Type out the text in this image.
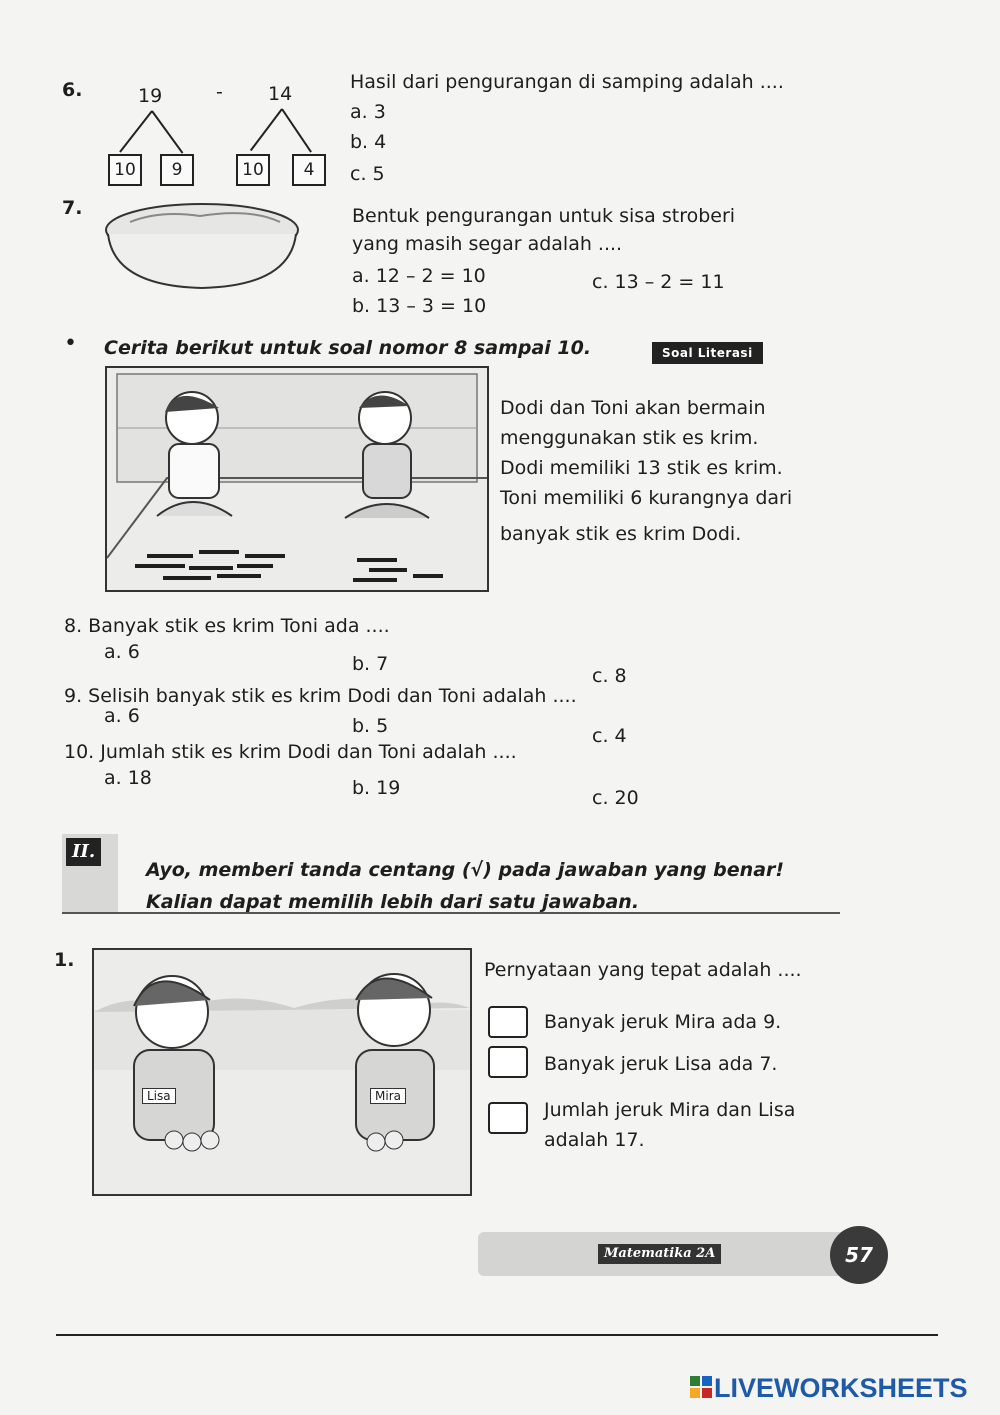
6.	19	- 14
10	9	10	4
Hasil dari pengurangan di samping adalah ....
a. 3
b. 4
c. 5
7.	Bentuk pengurangan untuk sisa stroberi
yang masih segar adalah ....
a. 12 – 2 = 10
b. 13 – 3 = 10
c. 13 – 2 = 11
• Cerita berikut untuk soal nomor 8 sampai 10.	Soal Literasi
Dodi dan Toni akan bermain
menggunakan stik es krim.
Dodi memiliki 13 stik es krim.
Toni memiliki 6 kurangnya dari
banyak stik es krim Dodi.
8. Banyak stik es krim Toni ada ....
a. 6
b. 7
c. 8
9. Selisih banyak stik es krim Dodi dan Toni adalah ....
a. 6	b. 5	c. 4
10. Jumlah stik es krim Dodi dan Toni adalah ....
a. 18	b. 19	c. 20
II.
Ayo, memberi tanda centang (√) pada jawaban yang benar!
Kalian dapat memilih lebih dari satu jawaban.
1.
Lisa	Mira
Pernyataan yang tepat adalah ....
Banyak jeruk Mira ada 9.
Banyak jeruk Lisa ada 7.
Jumlah jeruk Mira dan Lisa
adalah 17.
Matematika 2A	57
LIVEWORKSHEETS
